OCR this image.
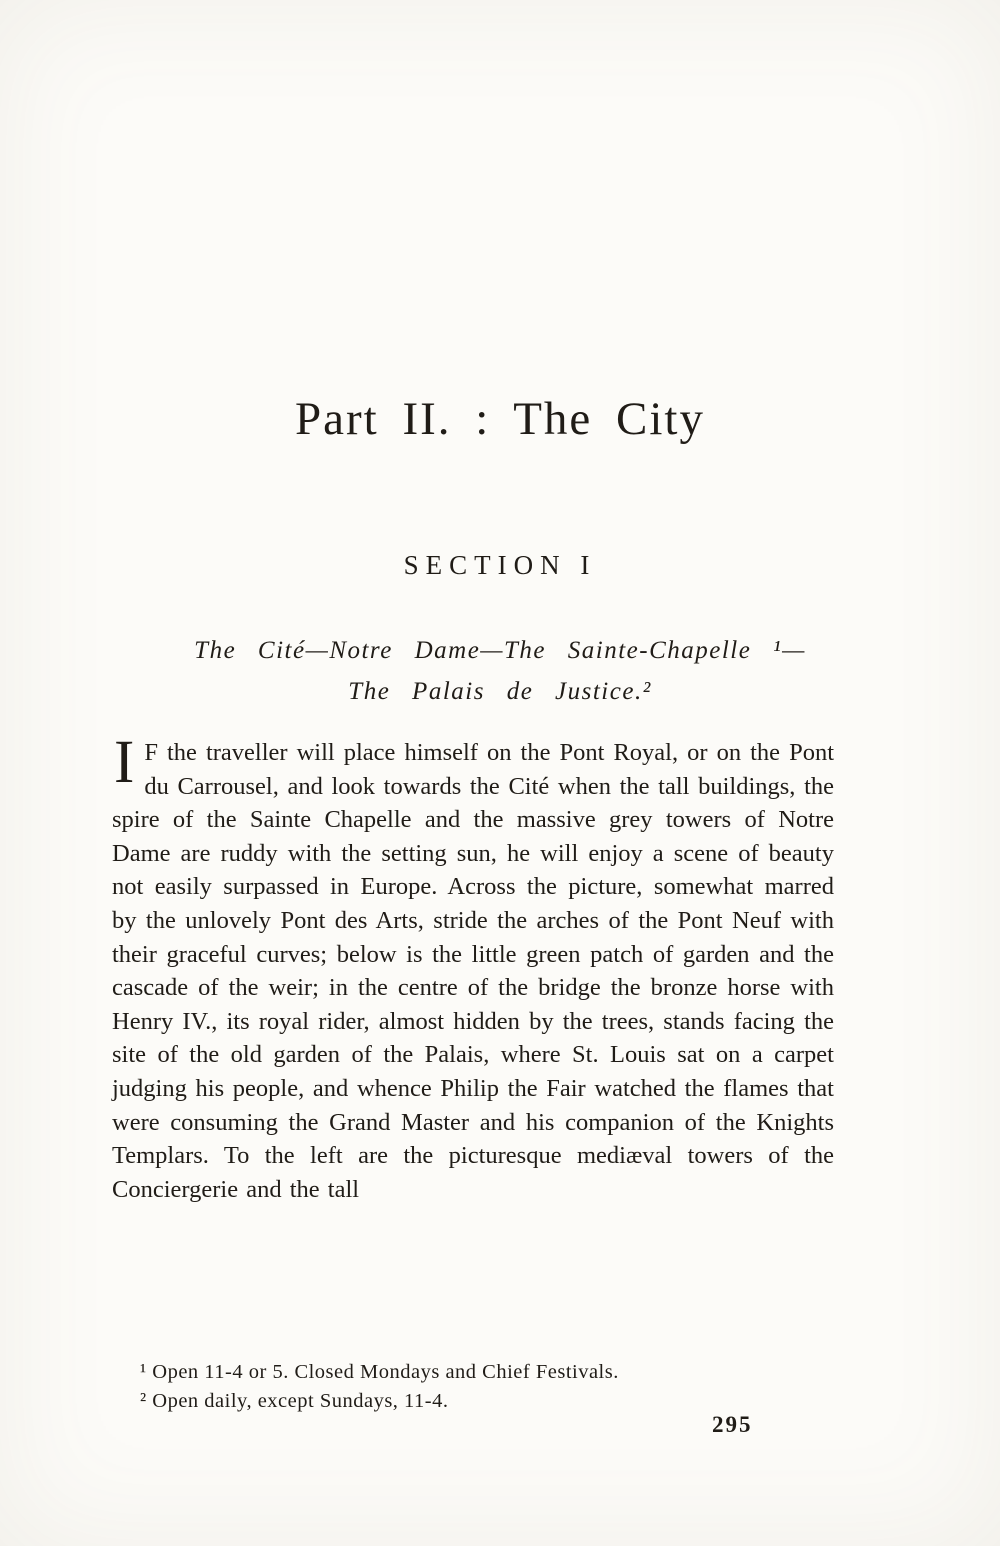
Part II. : The City
SECTION I
The Cité—Notre Dame—The Sainte-Chapelle ¹—
The Palais de Justice.²

I F the traveller will place himself on the Pont Royal, or on the Pont du Carrousel, and look towards the Cité when the tall buildings, the spire of the Sainte Chapelle and the massive grey towers of Notre Dame are ruddy with the setting sun, he will enjoy a scene of beauty not easily surpassed in Europe. Across the picture, somewhat marred by the unlovely Pont des Arts, stride the arches of the Pont Neuf with their graceful curves; below is the little green patch of garden and the cascade of the weir; in the centre of the bridge the bronze horse with Henry IV., its royal rider, almost hidden by the trees, stands facing the site of the old garden of the Palais, where St. Louis sat on a carpet judging his people, and whence Philip the Fair watched the flames that were consuming the Grand Master and his companion of the Knights Templars. To the left are the picturesque mediæval towers of the Conciergerie and the tall

¹ Open 11-4 or 5. Closed Mondays and Chief Festivals.
² Open daily, except Sundays, 11-4.
295
